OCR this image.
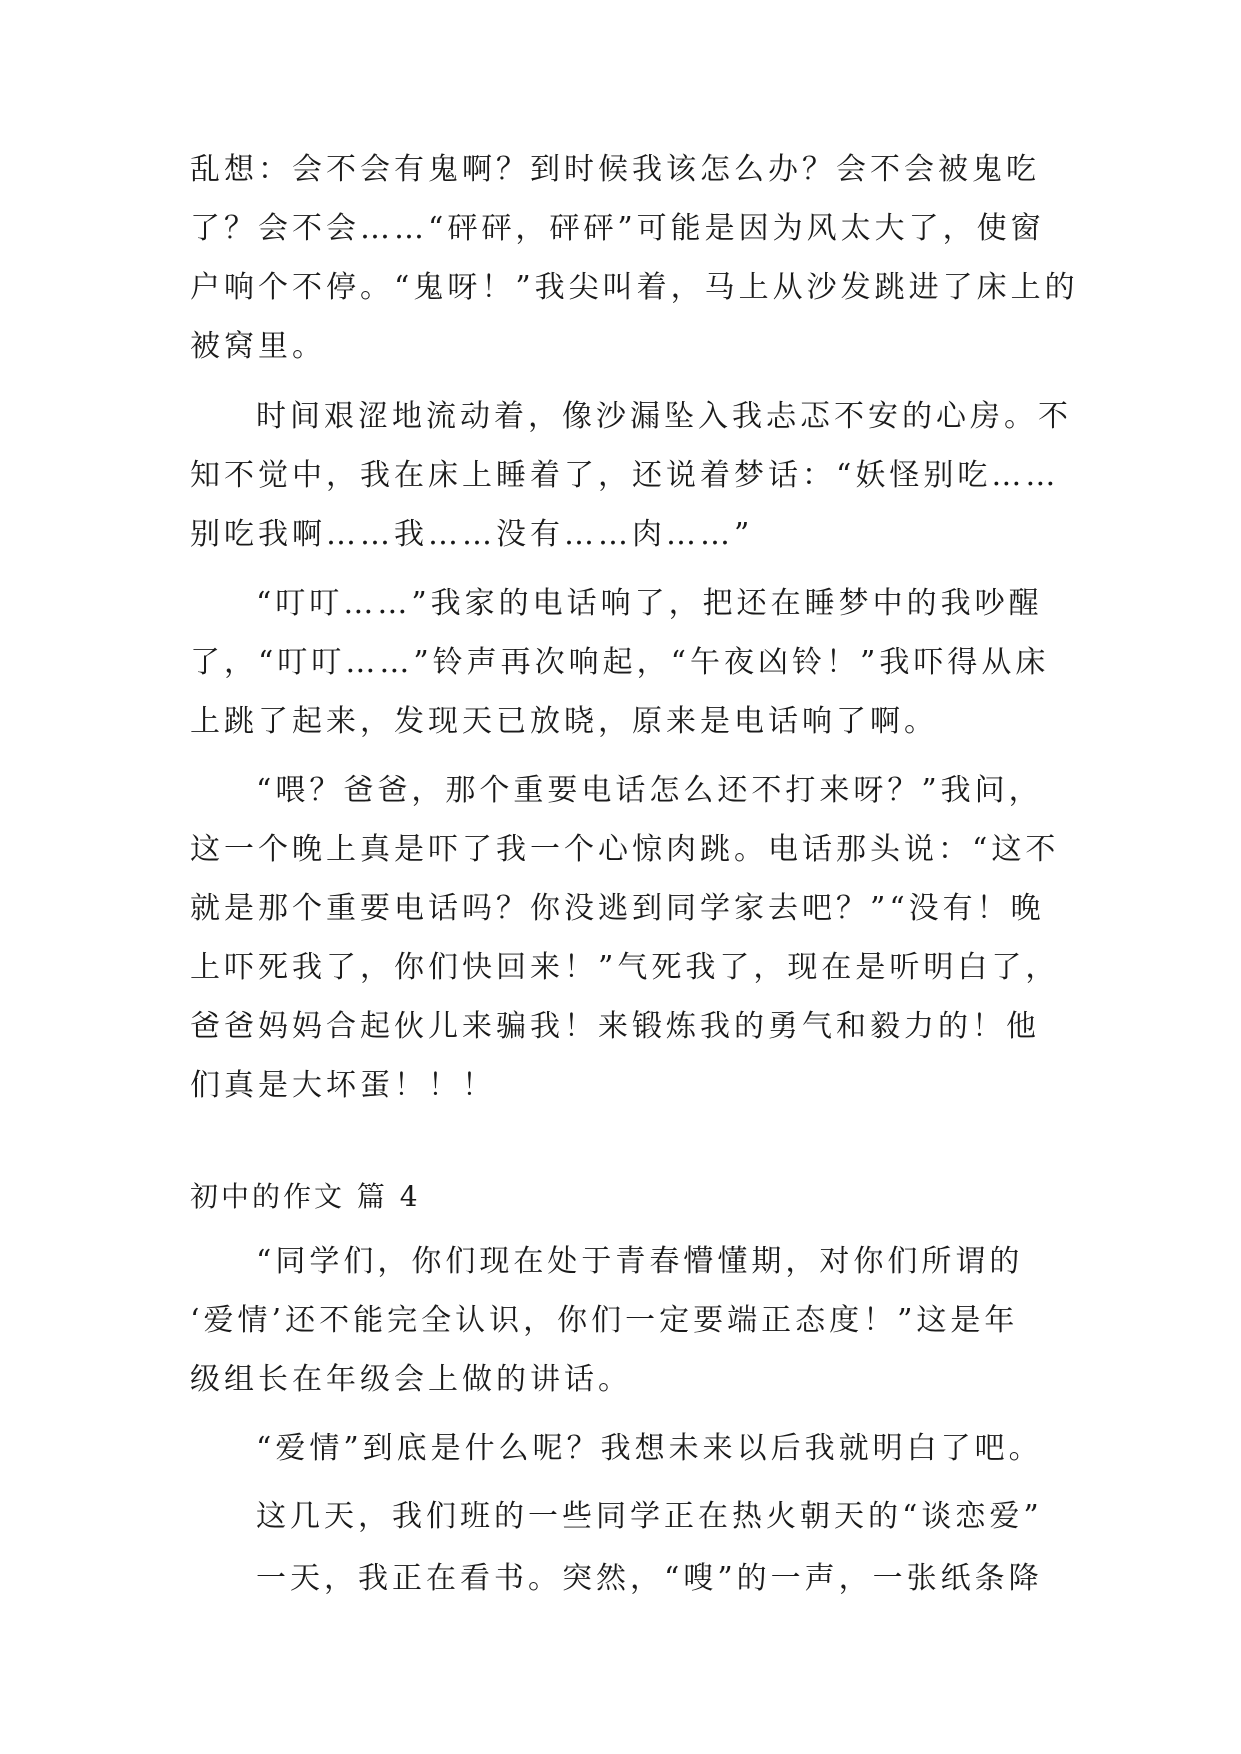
乱想：会不会有鬼啊？到时候我该怎么办？会不会被鬼吃
了？会不会……“砰砰，砰砰”可能是因为风太大了，使窗
户响个不停。“鬼呀！”我尖叫着，马上从沙发跳进了床上的
被窝里。
时间艰涩地流动着，像沙漏坠入我忐忑不安的心房。不
知不觉中，我在床上睡着了，还说着梦话：“妖怪别吃……
别吃我啊……我……没有……肉……”
“叮叮……”我家的电话响了，把还在睡梦中的我吵醒
了，“叮叮……”铃声再次响起，“午夜凶铃！”我吓得从床
上跳了起来，发现天已放晓，原来是电话响了啊。
“喂？爸爸，那个重要电话怎么还不打来呀？”我问，
这一个晚上真是吓了我一个心惊肉跳。电话那头说：“这不
就是那个重要电话吗？你没逃到同学家去吧？”“没有！晚
上吓死我了，你们快回来！”气死我了，现在是听明白了，
爸爸妈妈合起伙儿来骗我！来锻炼我的勇气和毅力的！他
们真是大坏蛋！！！
初中的作文 篇 4
“同学们，你们现在处于青春懵懂期，对你们所谓的
‘爱情’还不能完全认识，你们一定要端正态度！”这是年
级组长在年级会上做的讲话。
“爱情”到底是什么呢？我想未来以后我就明白了吧。
这几天，我们班的一些同学正在热火朝天的“谈恋爱”
一天，我正在看书。突然，“嗖”的一声，一张纸条降
